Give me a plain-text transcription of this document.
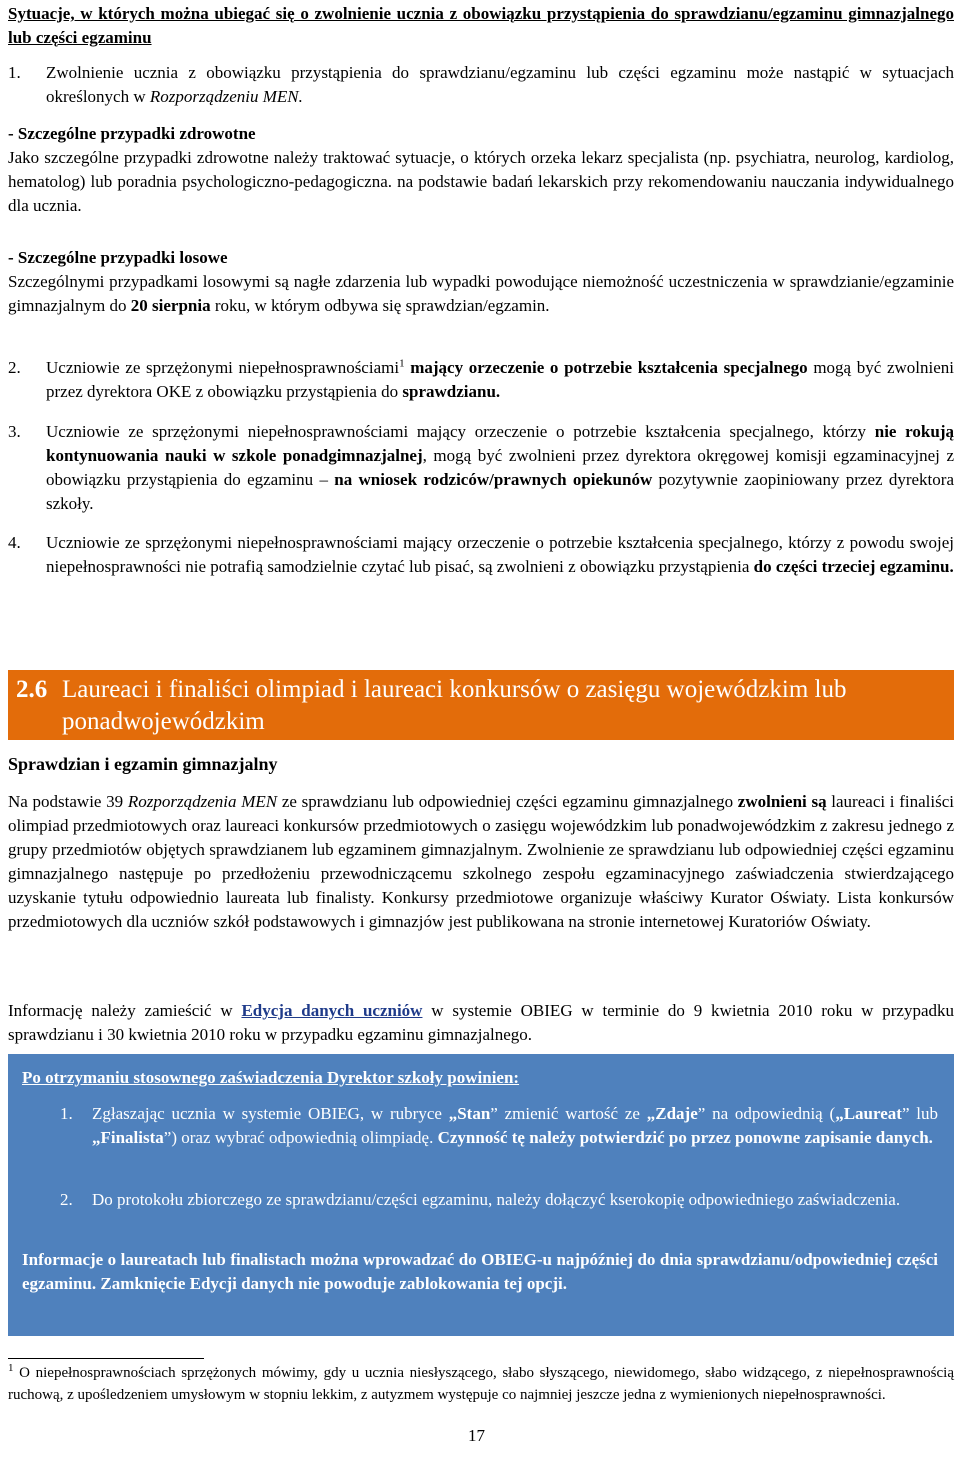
Sytuacje, w których można ubiegać się o zwolnienie ucznia z obowiązku przystąpienia do sprawdzianu/egzaminu gimnazjalnego lub części egzaminu
1.	Zwolnienie ucznia z obowiązku przystąpienia do sprawdzianu/egzaminu lub części egzaminu może nastąpić w sytuacjach określonych w Rozporządzeniu MEN.
- Szczególne przypadki zdrowotne
Jako szczególne przypadki zdrowotne należy traktować sytuacje, o których orzeka lekarz specjalista (np. psychiatra, neurolog, kardiolog, hematolog) lub poradnia psychologiczno-pedagogiczna. na podstawie badań lekarskich przy rekomendowaniu nauczania indywidualnego dla ucznia.
- Szczególne przypadki losowe
Szczególnymi przypadkami losowymi są nagłe zdarzenia lub wypadki powodujące niemożność uczestniczenia w sprawdzianie/egzaminie gimnazjalnym do 20 sierpnia roku, w którym odbywa się sprawdzian/egzamin.
2.	Uczniowie ze sprzężonymi niepełnosprawnościami$^1$ mający orzeczenie o potrzebie kształcenia specjalnego mogą być zwolnieni przez dyrektora OKE z obowiązku przystąpienia do sprawdzianu.
3.	Uczniowie ze sprzężonymi niepełnosprawnościami mający orzeczenie o potrzebie kształcenia specjalnego, którzy nie rokują kontynuowania nauki w szkole ponadgimnazjalnej, mogą być zwolnieni przez dyrektora okręgowej komisji egzaminacyjnej z obowiązku przystąpienia do egzaminu – na wniosek rodziców/prawnych opiekunów pozytywnie zaopiniowany przez dyrektora szkoły.
4.	Uczniowie ze sprzężonymi niepełnosprawnościami mający orzeczenie o potrzebie kształcenia specjalnego, którzy z powodu swojej niepełnosprawności nie potrafią samodzielnie czytać lub pisać, są zwolnieni z obowiązku przystąpienia do części trzeciej egzaminu.
2.6 Laureaci i finaliści olimpiad i laureaci konkursów o zasięgu wojewódzkim lub ponadwojewódzkim
Sprawdzian i egzamin gimnazjalny
Na podstawie 39 Rozporządzenia MEN ze sprawdzianu lub odpowiedniej części egzaminu gimnazjalnego zwolnieni są laureaci i finaliści olimpiad przedmiotowych oraz laureaci konkursów przedmiotowych o zasięgu wojewódzkim lub ponadwojewódzkim z zakresu jednego z grupy przedmiotów objętych sprawdzianem lub egzaminem gimnazjalnym. Zwolnienie ze sprawdzianu lub odpowiedniej części egzaminu gimnazjalnego następuje po przedłożeniu przewodniczącemu szkolnego zespołu egzaminacyjnego zaświadczenia stwierdzającego uzyskanie tytułu odpowiednio laureata lub finalisty. Konkursy przedmiotowe organizuje właściwy Kurator Oświaty. Lista konkursów przedmiotowych dla uczniów szkół podstawowych i gimnazjów jest publikowana na stronie internetowej Kuratoriów Oświaty.
Informację należy zamieścić w Edycja danych uczniów w systemie OBIEG w terminie do 9 kwietnia 2010 roku w przypadku sprawdzianu i 30 kwietnia 2010 roku w przypadku egzaminu gimnazjalnego.
Po otrzymaniu stosownego zaświadczenia Dyrektor szkoły powinien:
1. Zgłaszając ucznia w systemie OBIEG, w rubryce „Stan” zmienić wartość ze „Zdaje” na odpowiednią („Laureat” lub „Finalista”) oraz wybrać odpowiednią olimpiadę. Czynność tę należy potwierdzić po przez ponowne zapisanie danych.
2. Do protokołu zbiorczego ze sprawdzianu/części egzaminu, należy dołączyć kserokopię odpowiedniego zaświadczenia.
Informacje o laureatach lub finalistach można wprowadzać do OBIEG-u najpóźniej do dnia sprawdzianu/odpowiedniej części egzaminu. Zamknięcie Edycji danych nie powoduje zablokowania tej opcji.
$^1$ O niepełnosprawnościach sprzężonych mówimy, gdy u ucznia niesłyszącego, słabo słyszącego, niewidomego, słabo widzącego, z niepełnosprawnością ruchową, z upośledzeniem umysłowym w stopniu lekkim, z autyzmem występuje co najmniej jeszcze jedna z wymienionych niepełnosprawności.
17
